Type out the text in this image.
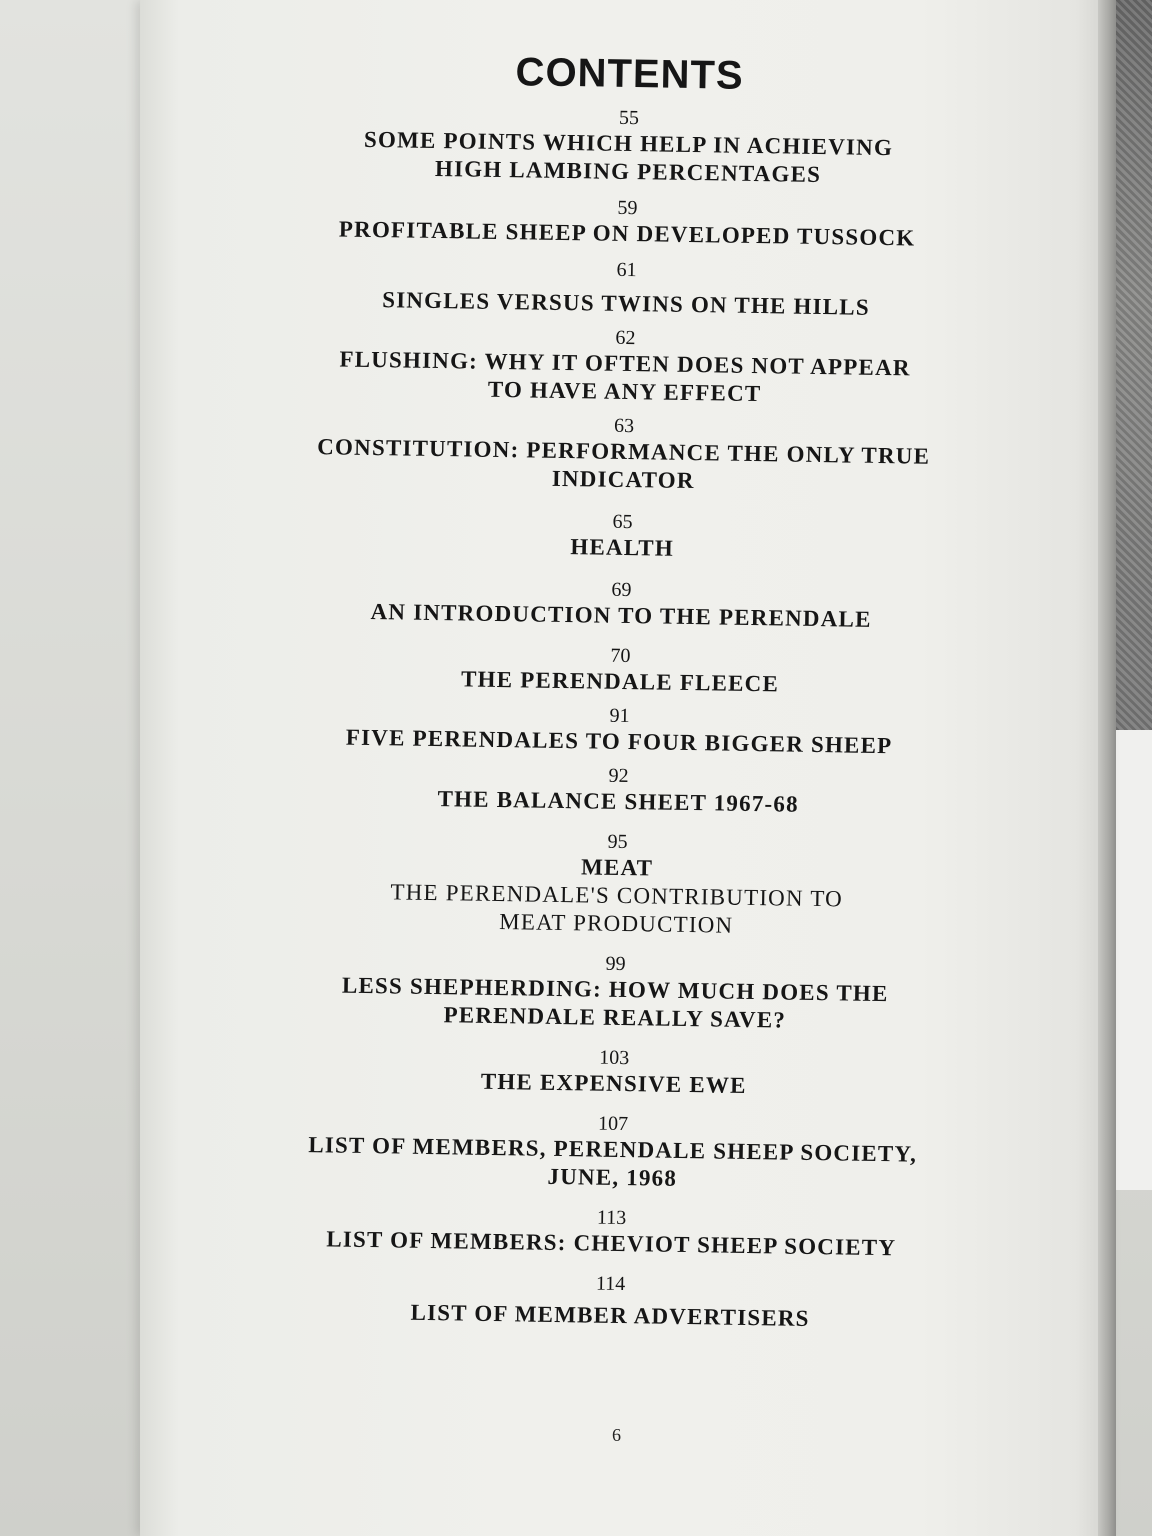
CONTENTS
55
SOME POINTS WHICH HELP IN ACHIEVING
HIGH LAMBING PERCENTAGES
59
PROFITABLE SHEEP ON DEVELOPED TUSSOCK
61
SINGLES VERSUS TWINS ON THE HILLS
62
FLUSHING: WHY IT OFTEN DOES NOT APPEAR
TO HAVE ANY EFFECT
63
CONSTITUTION: PERFORMANCE THE ONLY TRUE
INDICATOR
65
HEALTH
69
AN INTRODUCTION TO THE PERENDALE
70
THE PERENDALE FLEECE
91
FIVE PERENDALES TO FOUR BIGGER SHEEP
92
THE BALANCE SHEET 1967-68
95
MEAT
THE PERENDALE'S CONTRIBUTION TO
MEAT PRODUCTION
99
LESS SHEPHERDING: HOW MUCH DOES THE
PERENDALE REALLY SAVE?
103
THE EXPENSIVE EWE
107
LIST OF MEMBERS, PERENDALE SHEEP SOCIETY,
JUNE, 1968
113
LIST OF MEMBERS: CHEVIOT SHEEP SOCIETY
114
LIST OF MEMBER ADVERTISERS
6
